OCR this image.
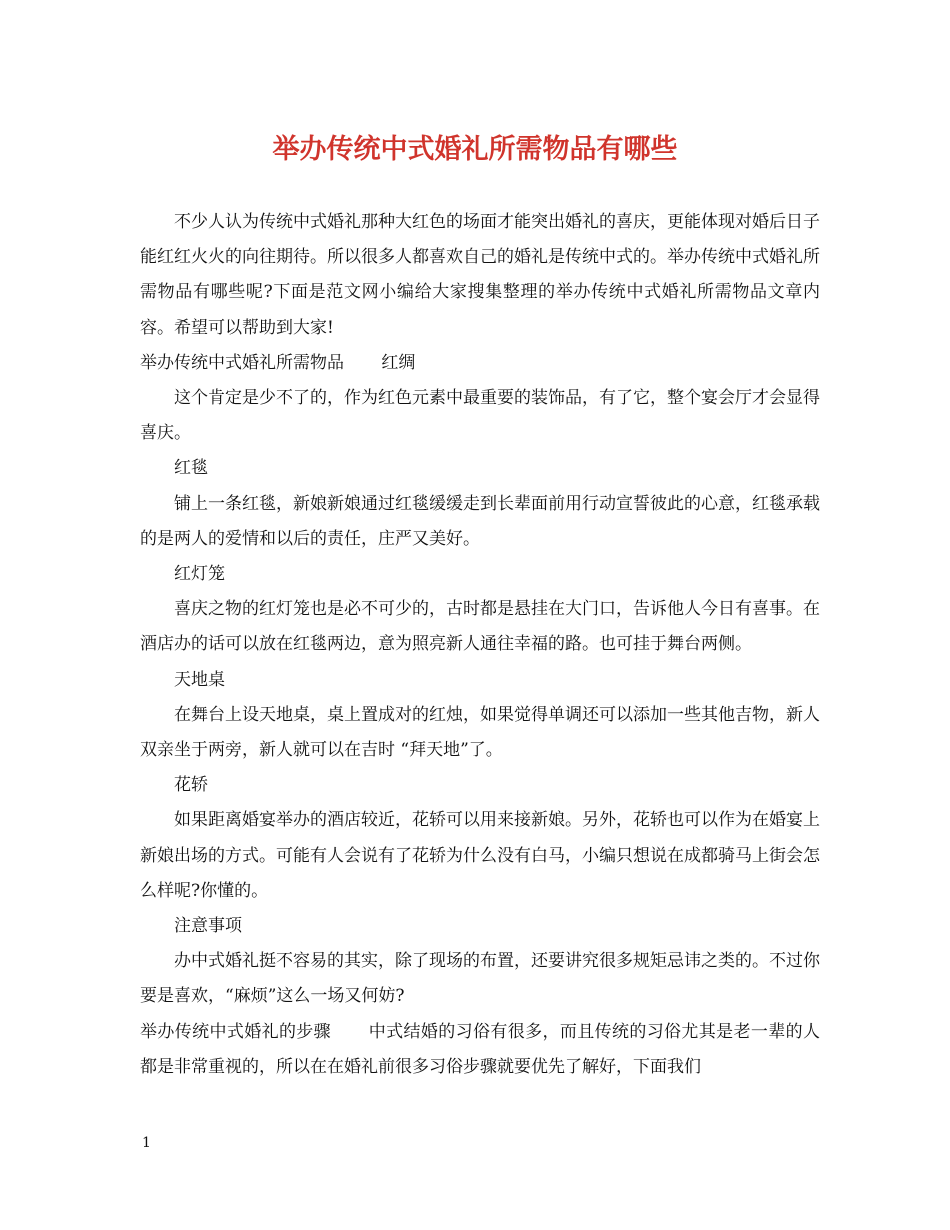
举办传统中式婚礼所需物品有哪些

不少人认为传统中式婚礼那种大红色的场面才能突出婚礼的喜庆，更能体现对婚后日子能红红火火的向往期待。所以很多人都喜欢自己的婚礼是传统中式的。举办传统中式婚礼所需物品有哪些呢?下面是范文网小编给大家搜集整理的举办传统中式婚礼所需物品文章内容。希望可以帮助到大家!

举办传统中式婚礼所需物品 红绸

这个肯定是少不了的，作为红色元素中最重要的装饰品，有了它，整个宴会厅才会显得喜庆。

红毯

铺上一条红毯，新娘新娘通过红毯缓缓走到长辈面前用行动宣誓彼此的心意，红毯承载的是两人的爱情和以后的责任，庄严又美好。

红灯笼

喜庆之物的红灯笼也是必不可少的，古时都是悬挂在大门口，告诉他人今日有喜事。在酒店办的话可以放在红毯两边，意为照亮新人通往幸福的路。也可挂于舞台两侧。

天地桌

在舞台上设天地桌，桌上置成对的红烛，如果觉得单调还可以添加一些其他吉物，新人双亲坐于两旁，新人就可以在吉时 “拜天地”了。

花轿

如果距离婚宴举办的酒店较近，花轿可以用来接新娘。另外，花轿也可以作为在婚宴上新娘出场的方式。可能有人会说有了花轿为什么没有白马，小编只想说在成都骑马上街会怎么样呢?你懂的。

注意事项

办中式婚礼挺不容易的其实，除了现场的布置，还要讲究很多规矩忌讳之类的。不过你要是喜欢，“麻烦”这么一场又何妨?

举办传统中式婚礼的步骤 中式结婚的习俗有很多，而且传统的习俗尤其是老一辈的人都是非常重视的，所以在在婚礼前很多习俗步骤就要优先了解好，下面我们

1
